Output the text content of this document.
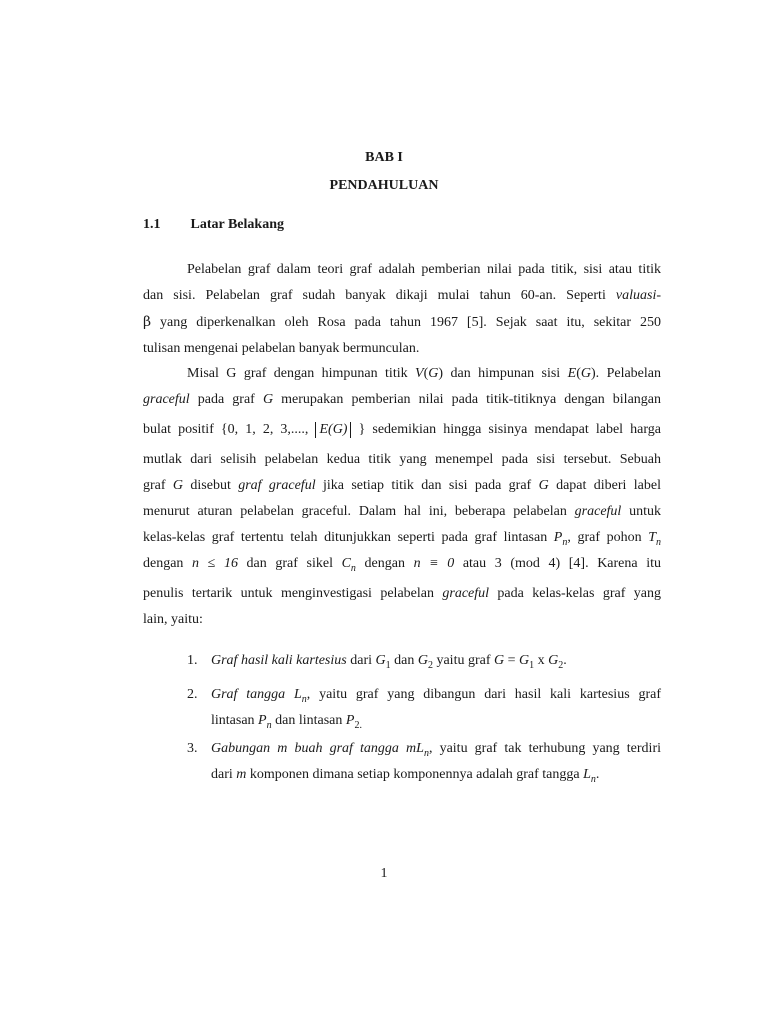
BAB I
PENDAHULUAN
1.1 Latar Belakang
Pelabelan graf dalam teori graf adalah pemberian nilai pada titik, sisi atau titik
dan sisi. Pelabelan graf sudah banyak dikaji mulai tahun 60-an. Seperti valuasi-
β yang diperkenalkan oleh Rosa pada tahun 1967 [5]. Sejak saat itu, sekitar 250
tulisan mengenai pelabelan banyak bermunculan.
Misal G graf dengan himpunan titik V(G) dan himpunan sisi E(G). Pelabelan
graceful pada graf G merupakan pemberian nilai pada titik-titiknya dengan bilangan
bulat positif {0, 1, 2, 3,...., E(G) } sedemikian hingga sisinya mendapat label harga
mutlak dari selisih pelabelan kedua titik yang menempel pada sisi tersebut. Sebuah
graf G disebut graf graceful jika setiap titik dan sisi pada graf G dapat diberi label
menurut aturan pelabelan graceful. Dalam hal ini, beberapa pelabelan graceful untuk
kelas-kelas graf tertentu telah ditunjukkan seperti pada graf lintasan $P_n$, graf pohon $T_n$
dengan n ≤ 16 dan graf sikel $C_n$ dengan n ≡ 0 atau 3 (mod 4) [4]. Karena itu
penulis tertarik untuk menginvestigasi pelabelan graceful pada kelas-kelas graf yang
lain, yaitu:
1. Graf hasil kali kartesius dari $G_1$ dan $G_2$ yaitu graf $G = G_1$ x $G_2$.
2. Graf tangga $L_n$, yaitu graf yang dibangun dari hasil kali kartesius graf
lintasan $P_n$ dan lintasan $P_{2.}$
3. Gabungan m buah graf tangga $mL_n$, yaitu graf tak terhubung yang terdiri
dari m komponen dimana setiap komponennya adalah graf tangga $L_n$.
1
